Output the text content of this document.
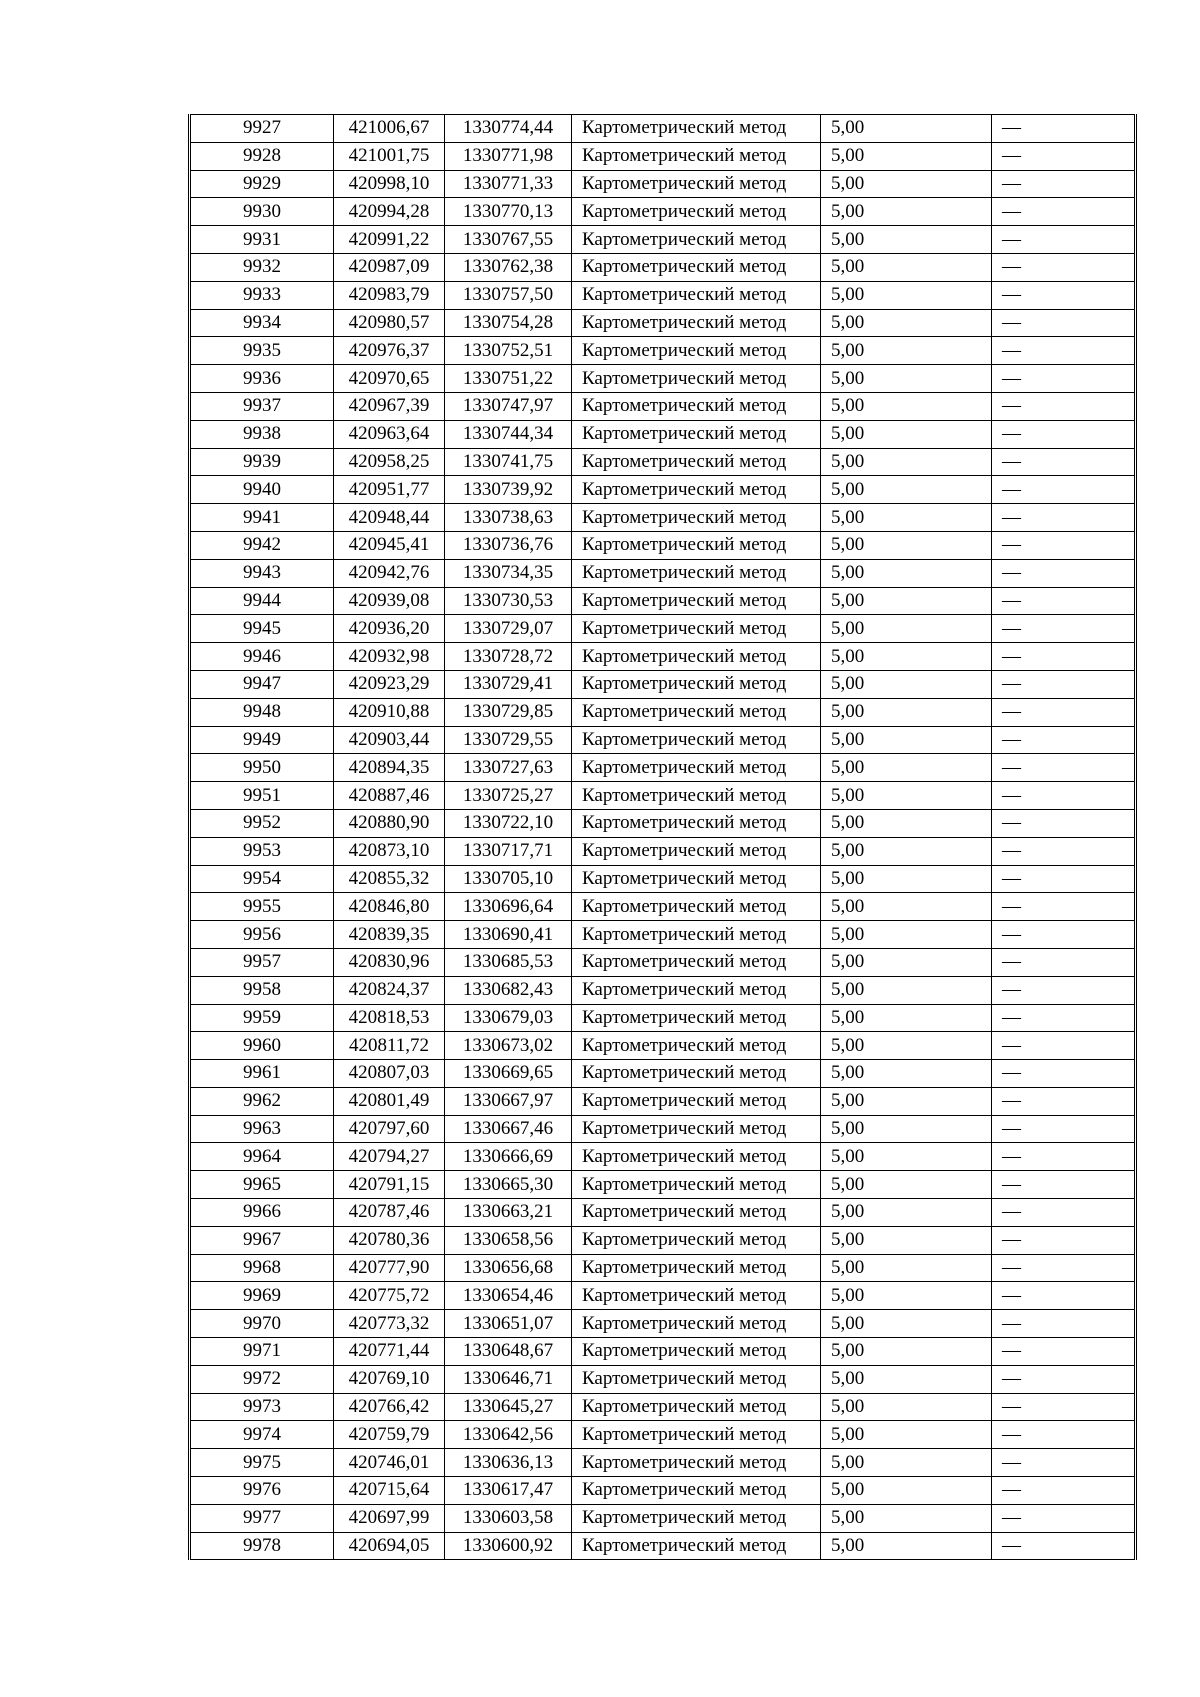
9927	421006,67	1330774,44	Картометрический метод	5,00	—
9928	421001,75	1330771,98	Картометрический метод	5,00	—
9929	420998,10	1330771,33	Картометрический метод	5,00	—
9930	420994,28	1330770,13	Картометрический метод	5,00	—
9931	420991,22	1330767,55	Картометрический метод	5,00	—
9932	420987,09	1330762,38	Картометрический метод	5,00	—
9933	420983,79	1330757,50	Картометрический метод	5,00	—
9934	420980,57	1330754,28	Картометрический метод	5,00	—
9935	420976,37	1330752,51	Картометрический метод	5,00	—
9936	420970,65	1330751,22	Картометрический метод	5,00	—
9937	420967,39	1330747,97	Картометрический метод	5,00	—
9938	420963,64	1330744,34	Картометрический метод	5,00	—
9939	420958,25	1330741,75	Картометрический метод	5,00	—
9940	420951,77	1330739,92	Картометрический метод	5,00	—
9941	420948,44	1330738,63	Картометрический метод	5,00	—
9942	420945,41	1330736,76	Картометрический метод	5,00	—
9943	420942,76	1330734,35	Картометрический метод	5,00	—
9944	420939,08	1330730,53	Картометрический метод	5,00	—
9945	420936,20	1330729,07	Картометрический метод	5,00	—
9946	420932,98	1330728,72	Картометрический метод	5,00	—
9947	420923,29	1330729,41	Картометрический метод	5,00	—
9948	420910,88	1330729,85	Картометрический метод	5,00	—
9949	420903,44	1330729,55	Картометрический метод	5,00	—
9950	420894,35	1330727,63	Картометрический метод	5,00	—
9951	420887,46	1330725,27	Картометрический метод	5,00	—
9952	420880,90	1330722,10	Картометрический метод	5,00	—
9953	420873,10	1330717,71	Картометрический метод	5,00	—
9954	420855,32	1330705,10	Картометрический метод	5,00	—
9955	420846,80	1330696,64	Картометрический метод	5,00	—
9956	420839,35	1330690,41	Картометрический метод	5,00	—
9957	420830,96	1330685,53	Картометрический метод	5,00	—
9958	420824,37	1330682,43	Картометрический метод	5,00	—
9959	420818,53	1330679,03	Картометрический метод	5,00	—
9960	420811,72	1330673,02	Картометрический метод	5,00	—
9961	420807,03	1330669,65	Картометрический метод	5,00	—
9962	420801,49	1330667,97	Картометрический метод	5,00	—
9963	420797,60	1330667,46	Картометрический метод	5,00	—
9964	420794,27	1330666,69	Картометрический метод	5,00	—
9965	420791,15	1330665,30	Картометрический метод	5,00	—
9966	420787,46	1330663,21	Картометрический метод	5,00	—
9967	420780,36	1330658,56	Картометрический метод	5,00	—
9968	420777,90	1330656,68	Картометрический метод	5,00	—
9969	420775,72	1330654,46	Картометрический метод	5,00	—
9970	420773,32	1330651,07	Картометрический метод	5,00	—
9971	420771,44	1330648,67	Картометрический метод	5,00	—
9972	420769,10	1330646,71	Картометрический метод	5,00	—
9973	420766,42	1330645,27	Картометрический метод	5,00	—
9974	420759,79	1330642,56	Картометрический метод	5,00	—
9975	420746,01	1330636,13	Картометрический метод	5,00	—
9976	420715,64	1330617,47	Картометрический метод	5,00	—
9977	420697,99	1330603,58	Картометрический метод	5,00	—
9978	420694,05	1330600,92	Картометрический метод	5,00	—
